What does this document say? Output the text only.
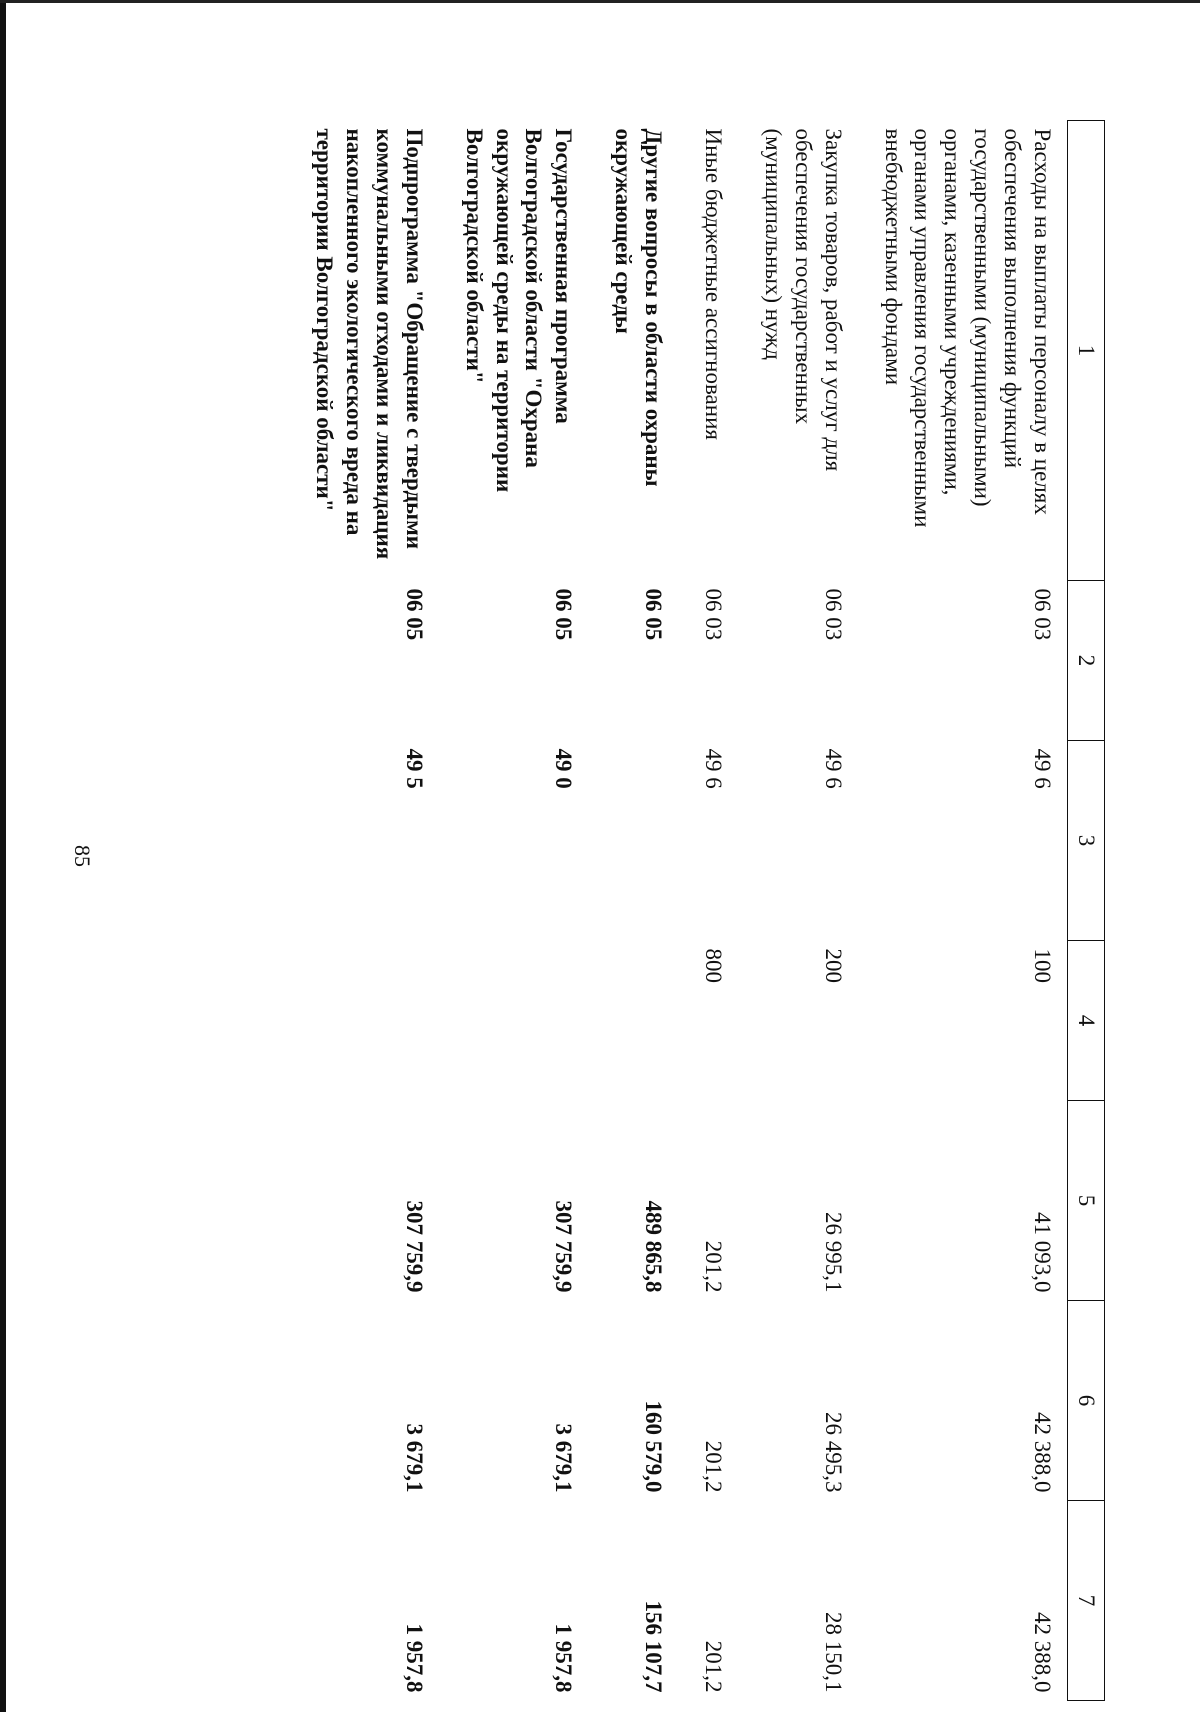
85
1	2	3	4	5	6	7
Расходы на выплаты персоналу в целях обеспечения выполнения функций государственными (муниципальными) органами, казенными учреждениями, органами управления государственными внебюджетными фондами	06 03	49 6	100	41 093,0	42 388,0	42 388,0
Закупка товаров, работ и услуг для обеспечения государственных (муниципальных) нужд	06 03	49 6	200	26 995,1	26 495,3	28 150,1
Иные бюджетные ассигнования	06 03	49 6	800	201,2	201,2	201,2
Другие вопросы в области охраны окружающей среды	06 05			489 865,8	160 579,0	156 107,7
Государственная программа Волгоградской области "Охрана окружающей среды на территории Волгоградской области"	06 05	49 0		307 759,9	3 679,1	1 957,8
Подпрограмма "Обращение с твердыми коммунальными отходами и ликвидация накопленного экологического вреда на территории Волгоградской области"	06 05	49 5		307 759,9	3 679,1	1 957,8
